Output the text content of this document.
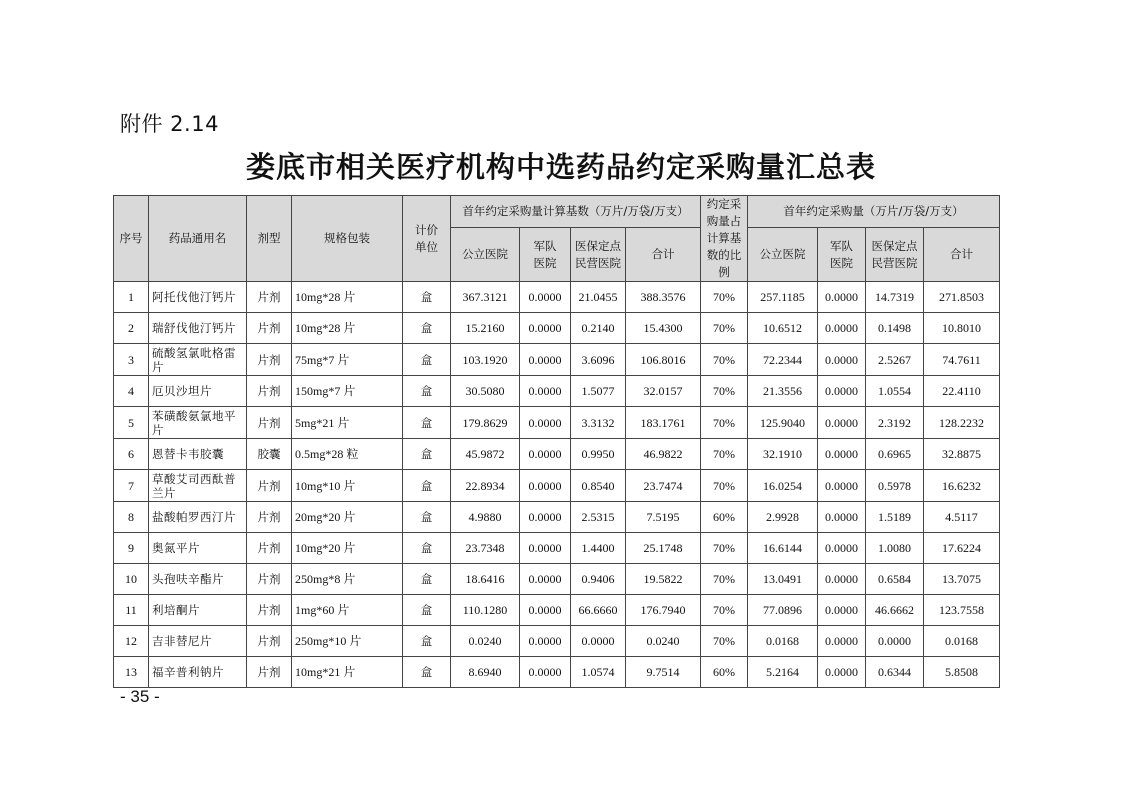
附件 2.14
娄底市相关医疗机构中选药品约定采购量汇总表
序号	药品通用名	剂型	规格包装	计价单位	首年约定采购量计算基数（万片/万袋/万支）				约定采购量占计算基数的比例	首年约定采购量（万片/万袋/万支）			
					公立医院	军队医院	医保定点民营医院	合计		公立医院	军队医院	医保定点民营医院	合计
1	阿托伐他汀钙片	片剂	10mg*28 片	盒	367.3121	0.0000	21.0455	388.3576	70%	257.1185	0.0000	14.7319	271.8503
2	瑞舒伐他汀钙片	片剂	10mg*28 片	盒	15.2160	0.0000	0.2140	15.4300	70%	10.6512	0.0000	0.1498	10.8010
3	硫酸氢氯吡格雷片	片剂	75mg*7 片	盒	103.1920	0.0000	3.6096	106.8016	70%	72.2344	0.0000	2.5267	74.7611
4	厄贝沙坦片	片剂	150mg*7 片	盒	30.5080	0.0000	1.5077	32.0157	70%	21.3556	0.0000	1.0554	22.4110
5	苯磺酸氨氯地平片	片剂	5mg*21 片	盒	179.8629	0.0000	3.3132	183.1761	70%	125.9040	0.0000	2.3192	128.2232
6	恩替卡韦胶囊	胶囊	0.5mg*28 粒	盒	45.9872	0.0000	0.9950	46.9822	70%	32.1910	0.0000	0.6965	32.8875
7	草酸艾司西酞普兰片	片剂	10mg*10 片	盒	22.8934	0.0000	0.8540	23.7474	70%	16.0254	0.0000	0.5978	16.6232
8	盐酸帕罗西汀片	片剂	20mg*20 片	盒	4.9880	0.0000	2.5315	7.5195	60%	2.9928	0.0000	1.5189	4.5117
9	奥氮平片	片剂	10mg*20 片	盒	23.7348	0.0000	1.4400	25.1748	70%	16.6144	0.0000	1.0080	17.6224
10	头孢呋辛酯片	片剂	250mg*8 片	盒	18.6416	0.0000	0.9406	19.5822	70%	13.0491	0.0000	0.6584	13.7075
11	利培酮片	片剂	1mg*60 片	盒	110.1280	0.0000	66.6660	176.7940	70%	77.0896	0.0000	46.6662	123.7558
12	吉非替尼片	片剂	250mg*10 片	盒	0.0240	0.0000	0.0000	0.0240	70%	0.0168	0.0000	0.0000	0.0168
13	福辛普利钠片	片剂	10mg*21 片	盒	8.6940	0.0000	1.0574	9.7514	60%	5.2164	0.0000	0.6344	5.8508
- 35 -
